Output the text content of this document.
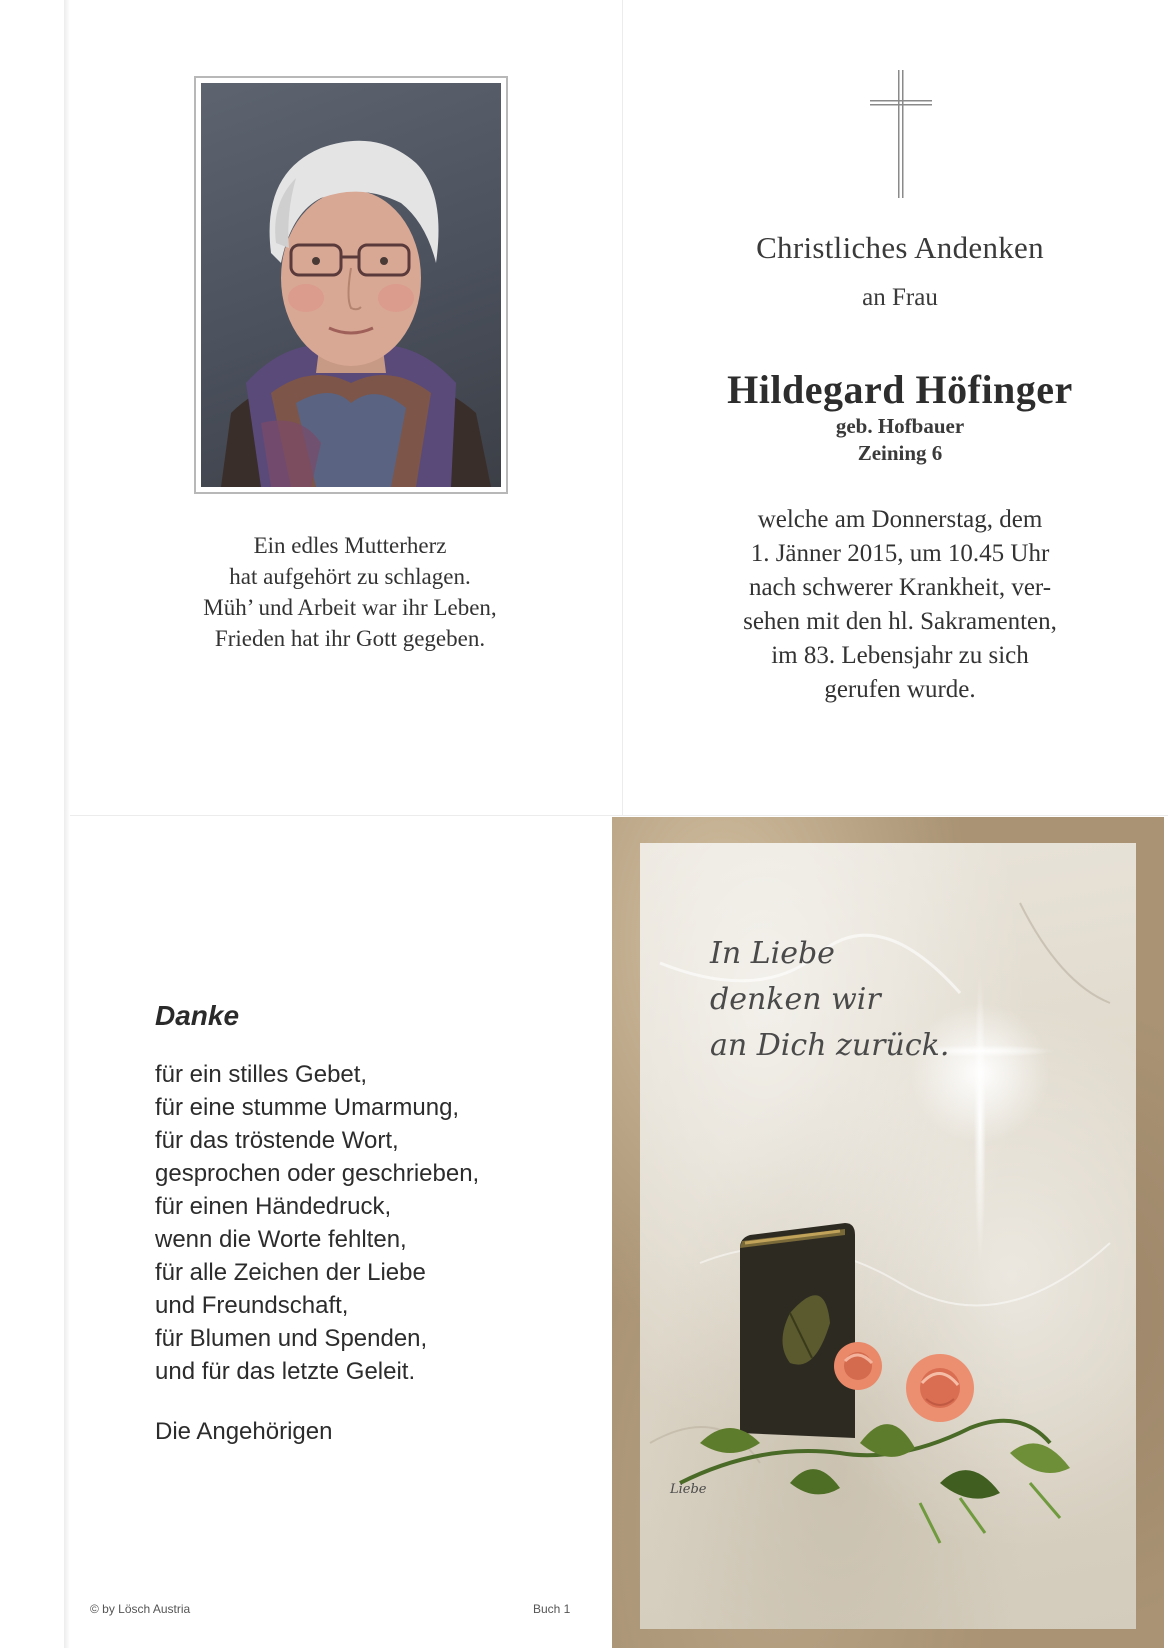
Ein edles Mutterherz
hat aufgehört zu schlagen.
Müh’ und Arbeit war ihr Leben,
Frieden hat ihr Gott gegeben.
Christliches Andenken
an Frau
Hildegard Höfinger
geb. Hofbauer
Zeining 6
welche am Donnerstag, dem
1. Jänner 2015, um 10.45 Uhr
nach schwerer Krankheit, ver-
sehen mit den hl. Sakramenten,
im 83. Lebensjahr zu sich
gerufen wurde.
Danke
für ein stilles Gebet,
für eine stumme Umarmung,
für das tröstende Wort,
gesprochen oder geschrieben,
für einen Händedruck,
wenn die Worte fehlten,
für alle Zeichen der Liebe
und Freundschaft,
für Blumen und Spenden,
und für das letzte Geleit.
Die Angehörigen
© by Lösch Austria	Buch 1
Liebe
In Liebe
denken wir
an Dich zurück.
